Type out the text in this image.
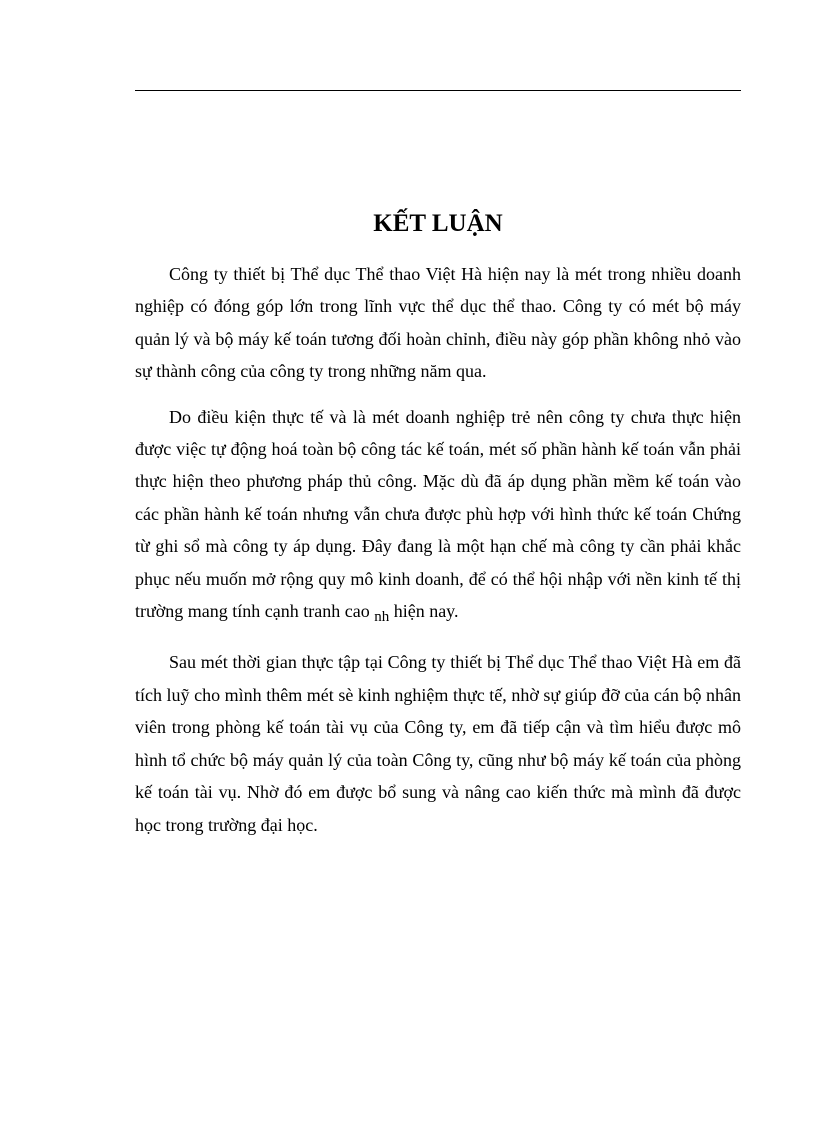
KẾT LUẬN

Công ty thiết bị Thể dục Thể thao Việt Hà hiện nay là mét trong nhiều doanh nghiệp có đóng góp lớn trong lĩnh vực thể dục thể thao. Công ty có mét bộ máy quản lý và bộ máy kế toán tương đối hoàn chỉnh, điều này góp phần không nhỏ vào sự thành công của công ty trong những năm qua.

Do điều kiện thực tế và là mét doanh nghiệp trẻ nên công ty chưa thực hiện được việc tự động hoá toàn bộ công tác kế toán, mét số phần hành kế toán vẫn phải thực hiện theo phương pháp thủ công. Mặc dù đã áp dụng phần mềm kế toán vào các phần hành kế toán nhưng vẫn chưa được phù hợp với hình thức kế toán Chứng từ ghi sổ mà công ty áp dụng. Đây đang là một hạn chế mà công ty cần phải khắc phục nếu muốn mở rộng quy mô kinh doanh, để có thể hội nhập với nền kinh tế thị trường mang tính cạnh tranh cao $_{nh}$ hiện nay.

Sau mét thời gian thực tập tại Công ty thiết bị Thể dục Thể thao Việt Hà em đã tích luỹ cho mình thêm mét sè kinh nghiệm thực tế, nhờ sự giúp đỡ của cán bộ nhân viên trong phòng kế toán tài vụ của Công ty, em đã tiếp cận và tìm hiểu được mô hình tổ chức bộ máy quản lý của toàn Công ty, cũng như bộ máy kế toán của phòng kế toán tài vụ. Nhờ đó em được bổ sung và nâng cao kiến thức mà mình đã được học trong trường đại học.
